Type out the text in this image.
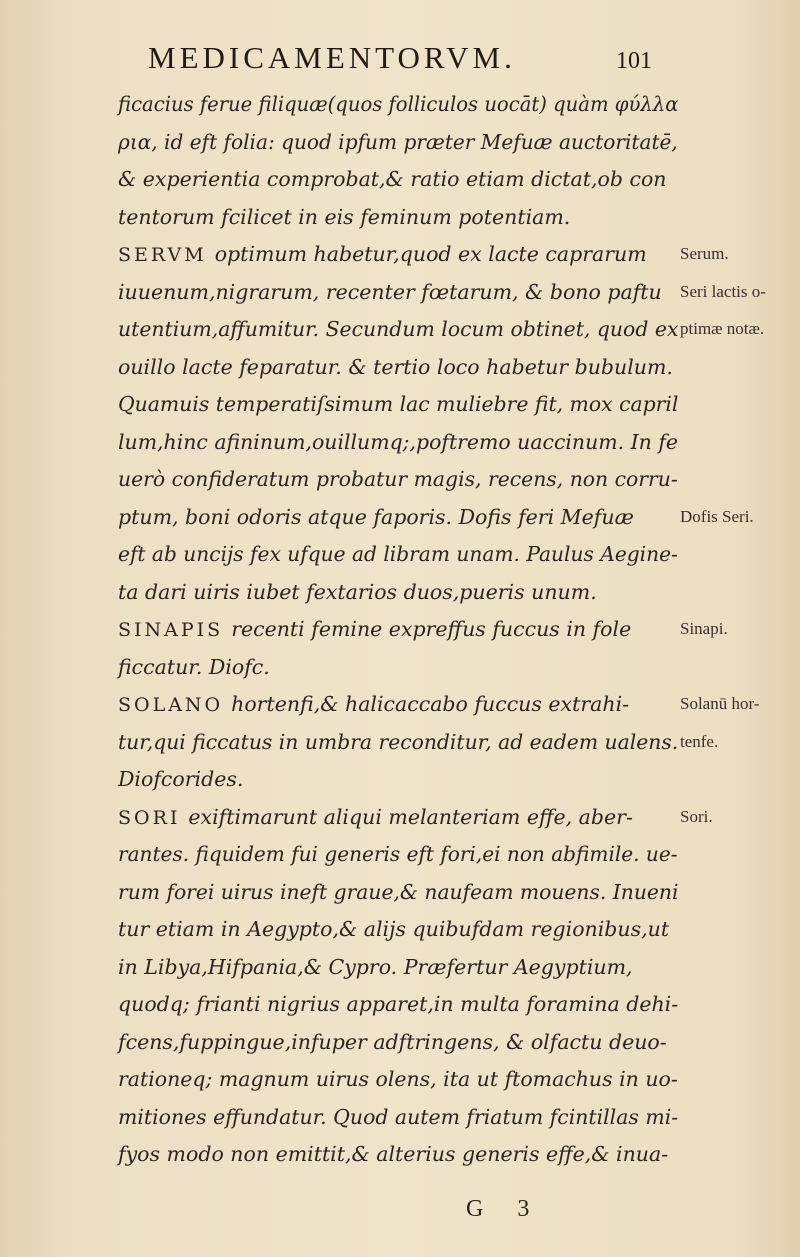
MEDICAMENTORVM.	101
ficacius ferue filiquæ(quos folliculos uocāt) quàm φύλλα
ρια, id eft folia: quod ipfum præter Mefuæ auctoritatē,
& experientia comprobat,& ratio etiam dictat,ob con
tentorum fcilicet in eis feminum potentiam.
SERVM optimum habetur,quod ex lacte caprarum
iuuenum,nigrarum, recenter fœtarum, & bono paftu
utentium,affumitur. Secundum locum obtinet, quod ex
ouillo lacte feparatur. & tertio loco habetur bubulum.
Quamuis temperatiſsimum lac muliebre fit, mox capril
lum,hinc afininum,ouillumq;,poftremo uaccinum. In fe
uerò confideratum probatur magis, recens, non corru-
ptum, boni odoris atque faporis. Dofis feri Mefuæ
eft ab uncijs fex ufque ad libram unam. Paulus Aegine-
ta dari uiris iubet fextarios duos,pueris unum.
SINAPIS recenti femine expreffus fuccus in fole
ficcatur. Diofc.
SOLANO hortenfi,& halicaccabo fuccus extrahi-
tur,qui ficcatus in umbra reconditur, ad eadem ualens.
Diofcorides.
SORI exiftimarunt aliqui melanteriam effe, aber-
rantes. fiquidem fui generis eft fori,ei non abfimile. ue-
rum forei uirus ineft graue,& naufeam mouens. Inueni
tur etiam in Aegypto,& alijs quibufdam regionibus,ut
in Libya,Hifpania,& Cypro. Præfertur Aegyptium,
quodq; frianti nigrius apparet,in multa foramina dehi-
fcens,fuppingue,infuper adftringens, & olfactu deuo-
rationeq; magnum uirus olens, ita ut ftomachus in uo-
mitiones effundatur. Quod autem friatum fcintillas mi-
fyos modo non emittit,& alterius generis effe,& inua-
Serum.
Seri lactis o-
ptimæ notæ.
Dofis Seri.
Sinapi.
Solanū hor-
tenfe.
Sori.
G 3
